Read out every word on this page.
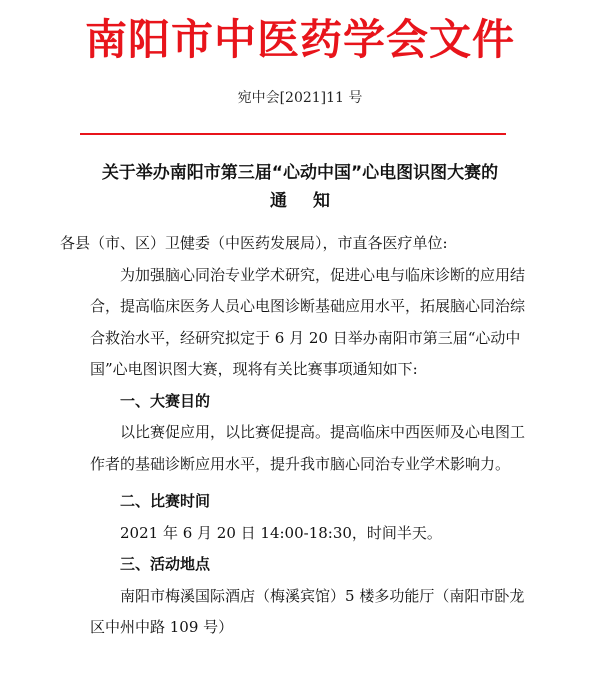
南阳市中医药学会文件
宛中会[2021]11 号
关于举办南阳市第三届“心动中国”心电图识图大赛的
通知

各县（市、区）卫健委（中医药发展局），市直各医疗单位:

为加强脑心同治专业学术研究，促进心电与临床诊断的应用结合，提高临床医务人员心电图诊断基础应用水平，拓展脑心同治综合救治水平，经研究拟定于 6 月 20 日举办南阳市第三届“心动中国”心电图识图大赛，现将有关比赛事项通知如下:

一、大赛目的

以比赛促应用，以比赛促提高。提高临床中西医师及心电图工作者的基础诊断应用水平，提升我市脑心同治专业学术影响力。

二、比赛时间

2021 年 6 月 20 日 14:00-18:30，时间半天。

三、活动地点

南阳市梅溪国际酒店（梅溪宾馆）5 楼多功能厅（南阳市卧龙区中州中路 109 号）
